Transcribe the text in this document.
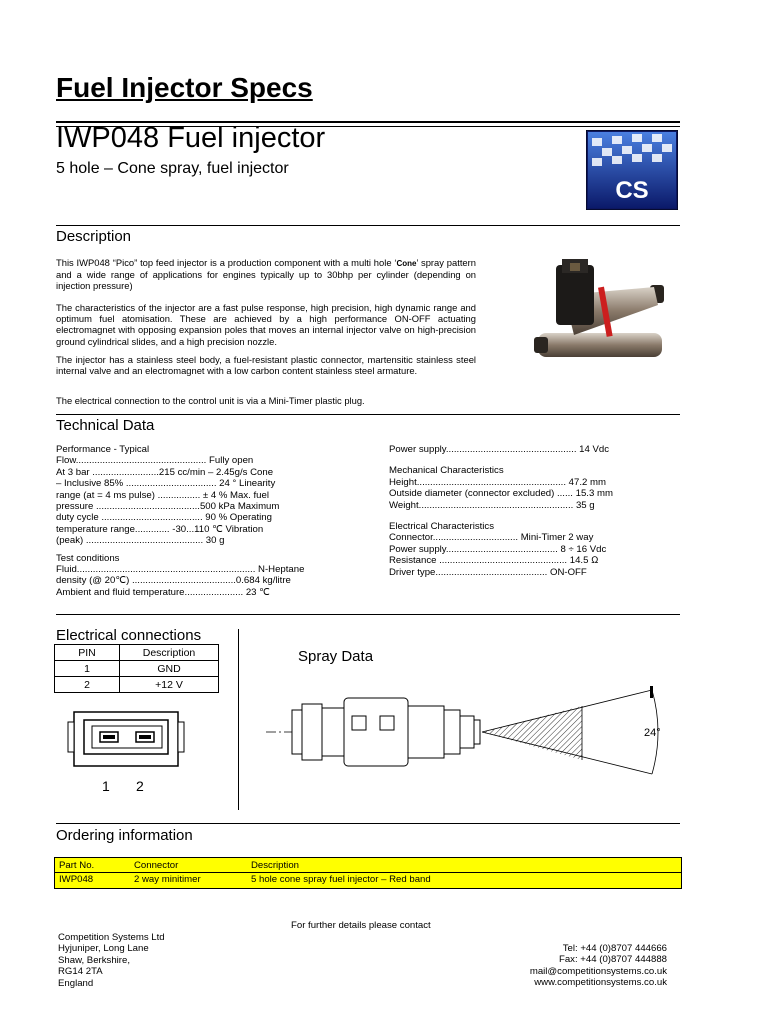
Fuel Injector Specs
IWP048 Fuel injector

5 hole – Cone spray, fuel injector

CS
Description

This IWP048 “Pico” top feed injector is a production component with a multi hole ‘Cone’ spray pattern and a wide range of applications for engines typically up to 30bhp per cylinder (depending on injection pressure)

The characteristics of the injector are a fast pulse response, high precision, high dynamic range and optimum fuel atomisation. These are achieved by a high performance ON-OFF actuating electromagnet with opposing expansion poles that moves an internal injector valve on high-precision ground cylindrical slides, and a high precision nozzle.

The injector has a stainless steel body, a fuel-resistant plastic connector, martensitic stainless steel internal valve and an electromagnet with a low carbon content stainless steel armature.

The electrical connection to the control unit is via a Mini-Timer plastic plug.

Technical Data
Performance - Typical
Flow................................................. Fully open
At 3 bar .........................215 cc/min – 2.45g/s Cone
– Inclusive 85% .................................. 24 ° Linearity
range (at = 4 ms pulse) ................ ± 4 % Max. fuel
pressure .......................................500 kPa Maximum
duty cycle ...................................... 90 % Operating
temperature range............. -30...110 ℃ Vibration
(peak) ............................................ 30 g
Test conditions
Fluid................................................................... N-Heptane
density (@ 20℃) .......................................0.684 kg/litre
Ambient and fluid temperature...................... 23 ℃
Power supply................................................. 14 Vdc
Mechanical Characteristics
Height........................................................ 47.2 mm
Outside diameter (connector excluded) ...... 15.3 mm
Weight.......................................................... 35 g
Electrical Characteristics
Connector................................ Mini-Timer 2 way
Power supply.......................................... 8 ÷ 16 Vdc
Resistance ................................................ 14.5 Ω
Driver type.......................................... ON-OFF
Electrical connections
PIN	Description
1	GND
2	+12 V
1 2
Spray Data
24°
Ordering information
Part No.	Connector	Description
IWP048	2 way minitimer	5 hole cone spray fuel injector – Red band
For further details please contact
Competition Systems Ltd
Hyjuniper, Long Lane
Shaw, Berkshire,
RG14 2TA
England
Tel: +44 (0)8707 444666
Fax: +44 (0)8707 444888
mail@competitionsystems.co.uk
www.competitionsystems.co.uk
